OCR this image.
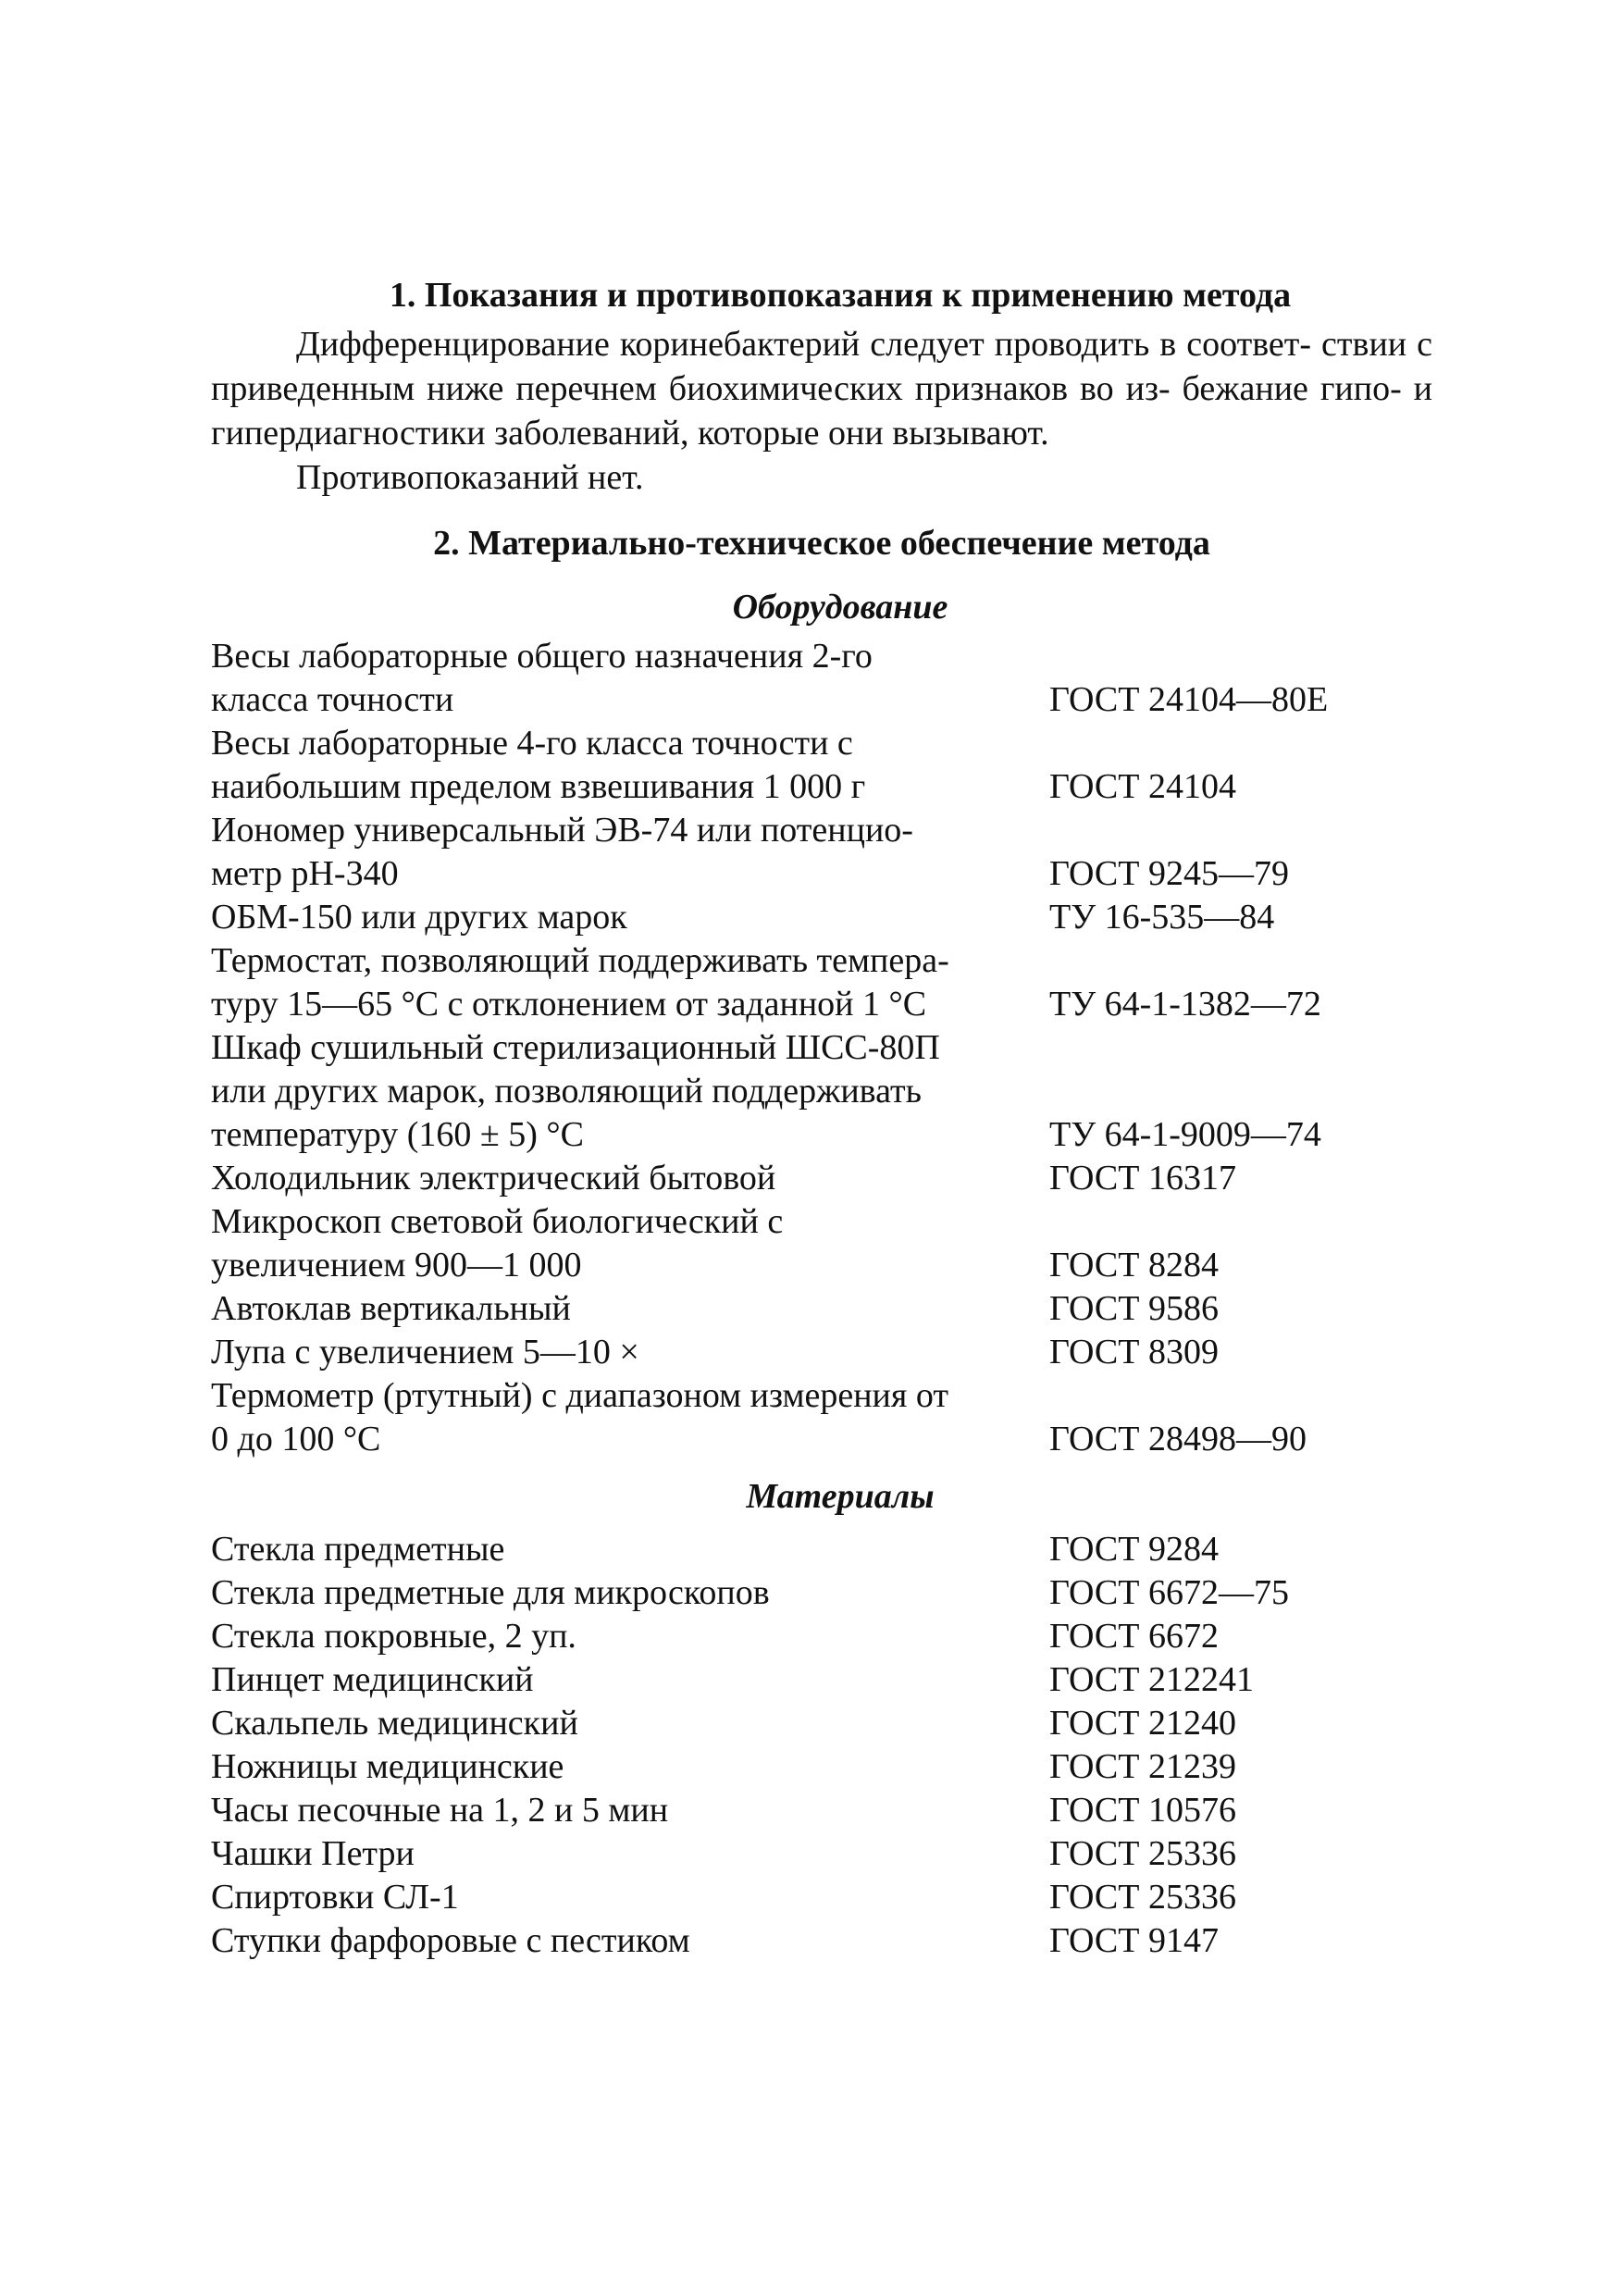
1. Показания и противопоказания к применению метода

Дифференцирование коринебактерий следует проводить в соответ- ствии с приведенным ниже перечнем биохимических признаков во из- бежание гипо- и гипердиагностики заболеваний, которые они вызывают.

Противопоказаний нет.

2. Материально-техническое обеспечение метода
Оборудование
Весы лабораторные общего назначения 2-го
класса точности	ГОСТ 24104—80Е
Весы лабораторные 4-го класса точности с
наибольшим пределом взвешивания 1 000 г	ГОСТ 24104
Иономер универсальный ЭВ-74 или потенцио-
метр pH-340	ГОСТ 9245—79
ОБМ-150 или других марок	ТУ 16-535—84
Термостат, позволяющий поддерживать темпера-
туру 15—65 °С с отклонением от заданной 1 °С	ТУ 64-1-1382—72
Шкаф сушильный стерилизационный ШСС-80П
или других марок, позволяющий поддерживать
температуру (160 ± 5) °С	ТУ 64-1-9009—74
Холодильник электрический бытовой	ГОСТ 16317
Микроскоп световой биологический с
увеличением 900—1 000	ГОСТ 8284
Автоклав вертикальный	ГОСТ 9586
Лупа с увеличением 5—10 ×	ГОСТ 8309
Термометр (ртутный) с диапазоном измерения от
0 до 100 °С	ГОСТ 28498—90
Материалы
Стекла предметные	ГОСТ 9284
Стекла предметные для микроскопов	ГОСТ 6672—75
Стекла покровные, 2 уп.	ГОСТ 6672
Пинцет медицинский	ГОСТ 212241
Скальпель медицинский	ГОСТ 21240
Ножницы медицинские	ГОСТ 21239
Часы песочные на 1, 2 и 5 мин	ГОСТ 10576
Чашки Петри	ГОСТ 25336
Спиртовки СЛ-1	ГОСТ 25336
Ступки фарфоровые с пестиком	ГОСТ 9147
